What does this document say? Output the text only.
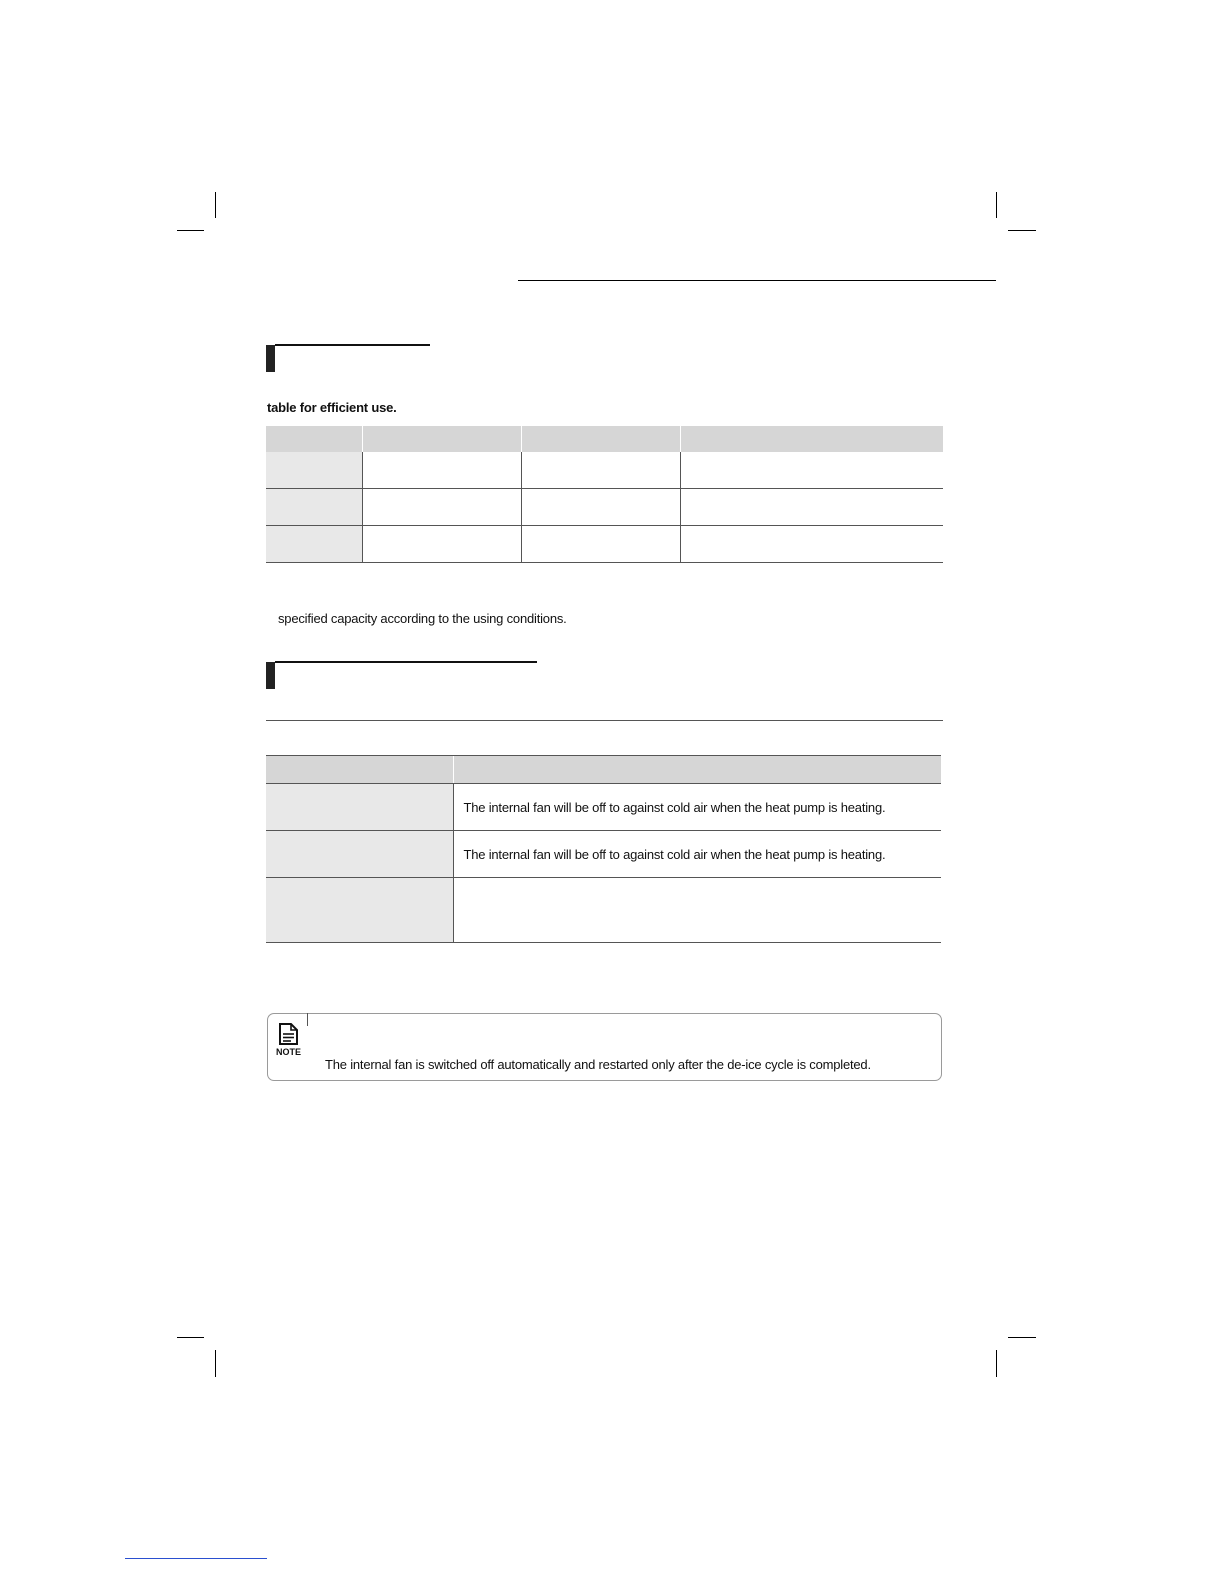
table for efficient use.

specified capacity according to the using conditions.

	The internal fan will be off to against cold air when the heat pump is heating.
	The internal fan will be off to against cold air when the heat pump is heating.

NOTE
The internal fan is switched off automatically and restarted only after the de-ice cycle is completed.
